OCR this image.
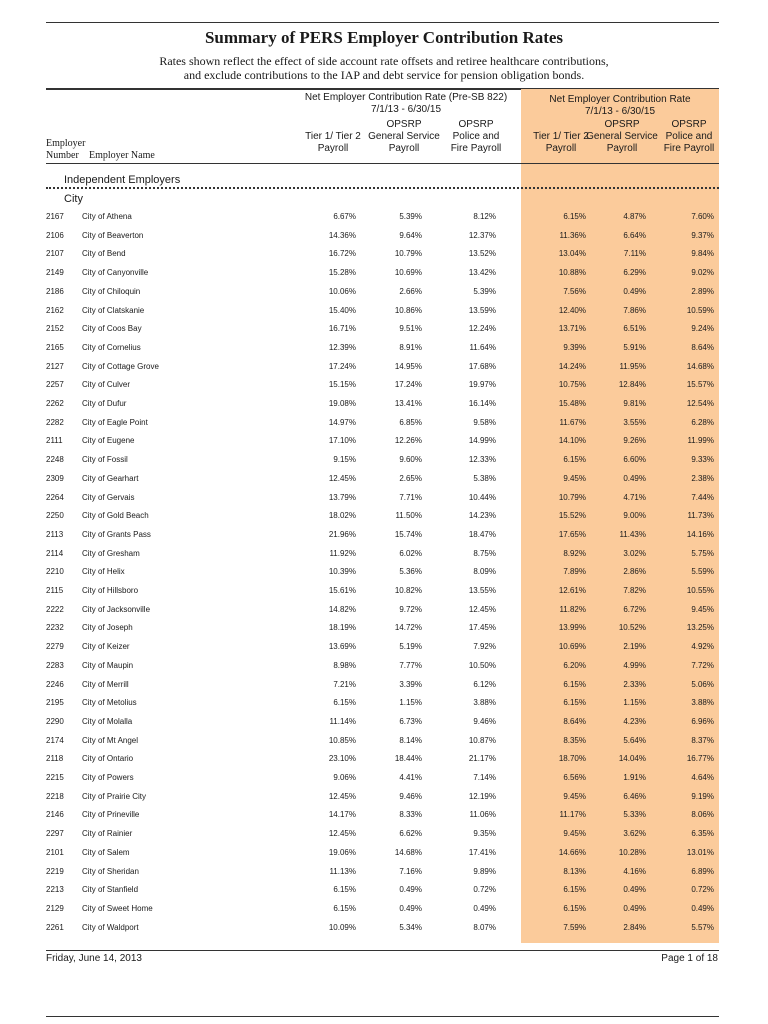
Summary of PERS Employer Contribution Rates
Rates shown reflect the effect of side account rate offsets and retiree healthcare contributions,
and exclude contributions to the IAP and debt service for pension obligation bonds.
Net Employer Contribution Rate (Pre-SB 822)
7/1/13 - 6/30/15
Net Employer Contribution Rate
7/1/13 - 6/30/15
Tier 1/ Tier 2
Payroll
OPSRP
General Service
Payroll
OPSRP
Police and
Fire Payroll
Tier 1/ Tier 2
Payroll
OPSRP
General Service
Payroll
OPSRP
Police and
Fire Payroll
Employer
Number	Employer Name
Independent Employers
City
2167	City of Athena	6.67%	5.39%	8.12%	6.15%	4.87%	7.60%
2106	City of Beaverton	14.36%	9.64%	12.37%	11.36%	6.64%	9.37%
2107	City of Bend	16.72%	10.79%	13.52%	13.04%	7.11%	9.84%
2149	City of Canyonville	15.28%	10.69%	13.42%	10.88%	6.29%	9.02%
2186	City of Chiloquin	10.06%	2.66%	5.39%	7.56%	0.49%	2.89%
2162	City of Clatskanie	15.40%	10.86%	13.59%	12.40%	7.86%	10.59%
2152	City of Coos Bay	16.71%	9.51%	12.24%	13.71%	6.51%	9.24%
2165	City of Cornelius	12.39%	8.91%	11.64%	9.39%	5.91%	8.64%
2127	City of Cottage Grove	17.24%	14.95%	17.68%	14.24%	11.95%	14.68%
2257	City of Culver	15.15%	17.24%	19.97%	10.75%	12.84%	15.57%
2262	City of Dufur	19.08%	13.41%	16.14%	15.48%	9.81%	12.54%
2282	City of Eagle Point	14.97%	6.85%	9.58%	11.67%	3.55%	6.28%
2111	City of Eugene	17.10%	12.26%	14.99%	14.10%	9.26%	11.99%
2248	City of Fossil	9.15%	9.60%	12.33%	6.15%	6.60%	9.33%
2309	City of Gearhart	12.45%	2.65%	5.38%	9.45%	0.49%	2.38%
2264	City of Gervais	13.79%	7.71%	10.44%	10.79%	4.71%	7.44%
2250	City of Gold Beach	18.02%	11.50%	14.23%	15.52%	9.00%	11.73%
2113	City of Grants Pass	21.96%	15.74%	18.47%	17.65%	11.43%	14.16%
2114	City of Gresham	11.92%	6.02%	8.75%	8.92%	3.02%	5.75%
2210	City of Helix	10.39%	5.36%	8.09%	7.89%	2.86%	5.59%
2115	City of Hillsboro	15.61%	10.82%	13.55%	12.61%	7.82%	10.55%
2222	City of Jacksonville	14.82%	9.72%	12.45%	11.82%	6.72%	9.45%
2232	City of Joseph	18.19%	14.72%	17.45%	13.99%	10.52%	13.25%
2279	City of Keizer	13.69%	5.19%	7.92%	10.69%	2.19%	4.92%
2283	City of Maupin	8.98%	7.77%	10.50%	6.20%	4.99%	7.72%
2246	City of Merrill	7.21%	3.39%	6.12%	6.15%	2.33%	5.06%
2195	City of Metolius	6.15%	1.15%	3.88%	6.15%	1.15%	3.88%
2290	City of Molalla	11.14%	6.73%	9.46%	8.64%	4.23%	6.96%
2174	City of Mt Angel	10.85%	8.14%	10.87%	8.35%	5.64%	8.37%
2118	City of Ontario	23.10%	18.44%	21.17%	18.70%	14.04%	16.77%
2215	City of Powers	9.06%	4.41%	7.14%	6.56%	1.91%	4.64%
2218	City of Prairie City	12.45%	9.46%	12.19%	9.45%	6.46%	9.19%
2146	City of Prineville	14.17%	8.33%	11.06%	11.17%	5.33%	8.06%
2297	City of Rainier	12.45%	6.62%	9.35%	9.45%	3.62%	6.35%
2101	City of Salem	19.06%	14.68%	17.41%	14.66%	10.28%	13.01%
2219	City of Sheridan	11.13%	7.16%	9.89%	8.13%	4.16%	6.89%
2213	City of Stanfield	6.15%	0.49%	0.72%	6.15%	0.49%	0.72%
2129	City of Sweet Home	6.15%	0.49%	0.49%	6.15%	0.49%	0.49%
2261	City of Waldport	10.09%	5.34%	8.07%	7.59%	2.84%	5.57%
Friday, June 14, 2013	Page 1 of 18
